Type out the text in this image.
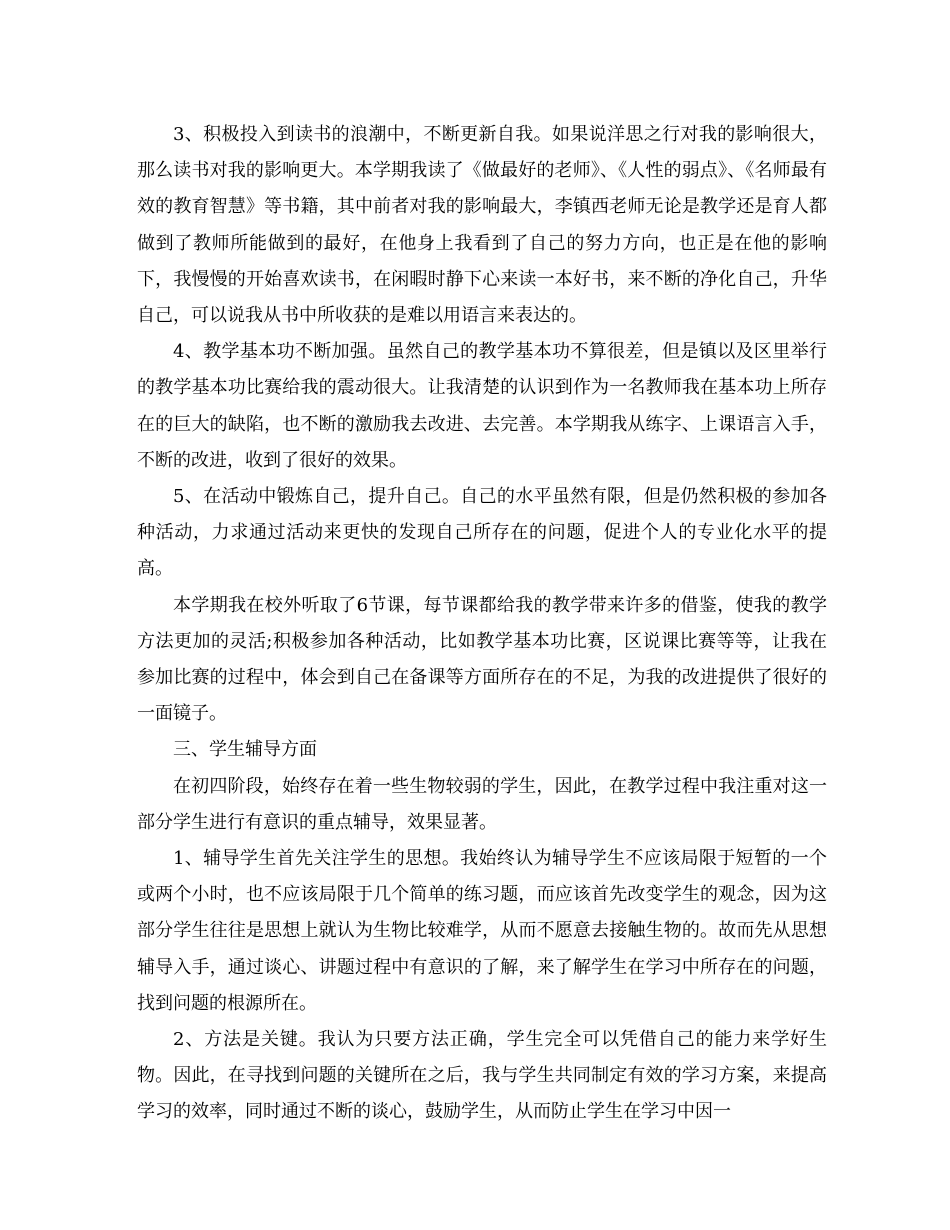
3、积极投入到读书的浪潮中，不断更新自我。如果说洋思之行对我的影响很大，那么读书对我的影响更大。本学期我读了《做最好的老师》、《人性的弱点》、《名师最有效的教育智慧》等书籍，其中前者对我的影响最大，李镇西老师无论是教学还是育人都做到了教师所能做到的最好，在他身上我看到了自己的努力方向，也正是在他的影响下，我慢慢的开始喜欢读书，在闲暇时静下心来读一本好书，来不断的净化自己，升华自己，可以说我从书中所收获的是难以用语言来表达的。

4、教学基本功不断加强。虽然自己的教学基本功不算很差，但是镇以及区里举行的教学基本功比赛给我的震动很大。让我清楚的认识到作为一名教师我在基本功上所存在的巨大的缺陷，也不断的激励我去改进、去完善。本学期我从练字、上课语言入手，不断的改进，收到了很好的效果。

5、在活动中锻炼自己，提升自己。自己的水平虽然有限，但是仍然积极的参加各种活动，力求通过活动来更快的发现自己所存在的问题，促进个人的专业化水平的提高。

本学期我在校外听取了6节课，每节课都给我的教学带来许多的借鉴，使我的教学方法更加的灵活;积极参加各种活动，比如教学基本功比赛，区说课比赛等等，让我在参加比赛的过程中，体会到自己在备课等方面所存在的不足，为我的改进提供了很好的一面镜子。

三、学生辅导方面

在初四阶段，始终存在着一些生物较弱的学生，因此，在教学过程中我注重对这一部分学生进行有意识的重点辅导，效果显著。

1、辅导学生首先关注学生的思想。我始终认为辅导学生不应该局限于短暂的一个或两个小时，也不应该局限于几个简单的练习题，而应该首先改变学生的观念，因为这部分学生往往是思想上就认为生物比较难学，从而不愿意去接触生物的。故而先从思想辅导入手，通过谈心、讲题过程中有意识的了解，来了解学生在学习中所存在的问题，找到问题的根源所在。

2、方法是关键。我认为只要方法正确，学生完全可以凭借自己的能力来学好生物。因此，在寻找到问题的关键所在之后，我与学生共同制定有效的学习方案，来提高学习的效率，同时通过不断的谈心，鼓励学生，从而防止学生在学习中因一
